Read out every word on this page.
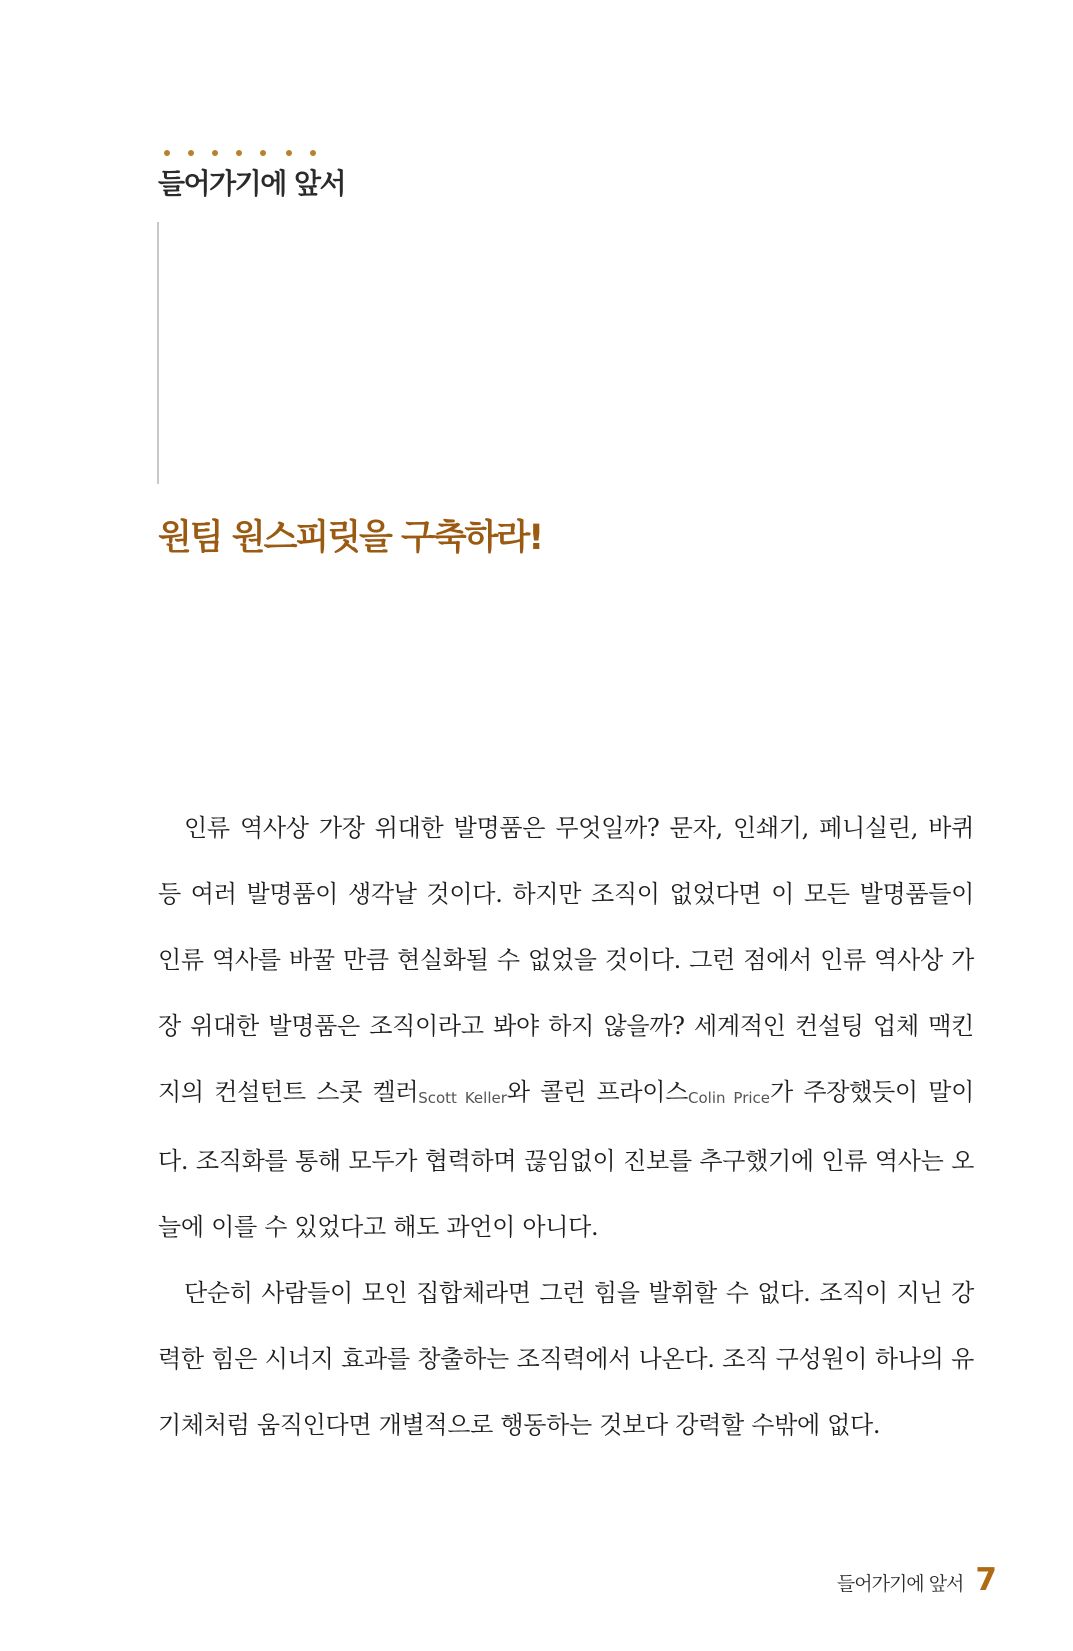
들어가기에 앞서
원팀 원스피릿을 구축하라!

인류 역사상 가장 위대한 발명품은 무엇일까? 문자, 인쇄기, 페니실린, 바퀴 등 여러 발명품이 생각날 것이다. 하지만 조직이 없었다면 이 모든 발명품들이 인류 역사를 바꿀 만큼 현실화될 수 없었을 것이다. 그런 점에서 인류 역사상 가장 위대한 발명품은 조직이라고 봐야 하지 않을까? 세계적인 컨설팅 업체 맥킨지의 컨설턴트 스콧 켈러Scott Keller와 콜린 프라이스Colin Price가 주장했듯이 말이다. 조직화를 통해 모두가 협력하며 끊임없이 진보를 추구했기에 인류 역사는 오늘에 이를 수 있었다고 해도 과언이 아니다.

단순히 사람들이 모인 집합체라면 그런 힘을 발휘할 수 없다. 조직이 지닌 강력한 힘은 시너지 효과를 창출하는 조직력에서 나온다. 조직 구성원이 하나의 유기체처럼 움직인다면 개별적으로 행동하는 것보다 강력할 수밖에 없다.

들어가기에 앞서 7
